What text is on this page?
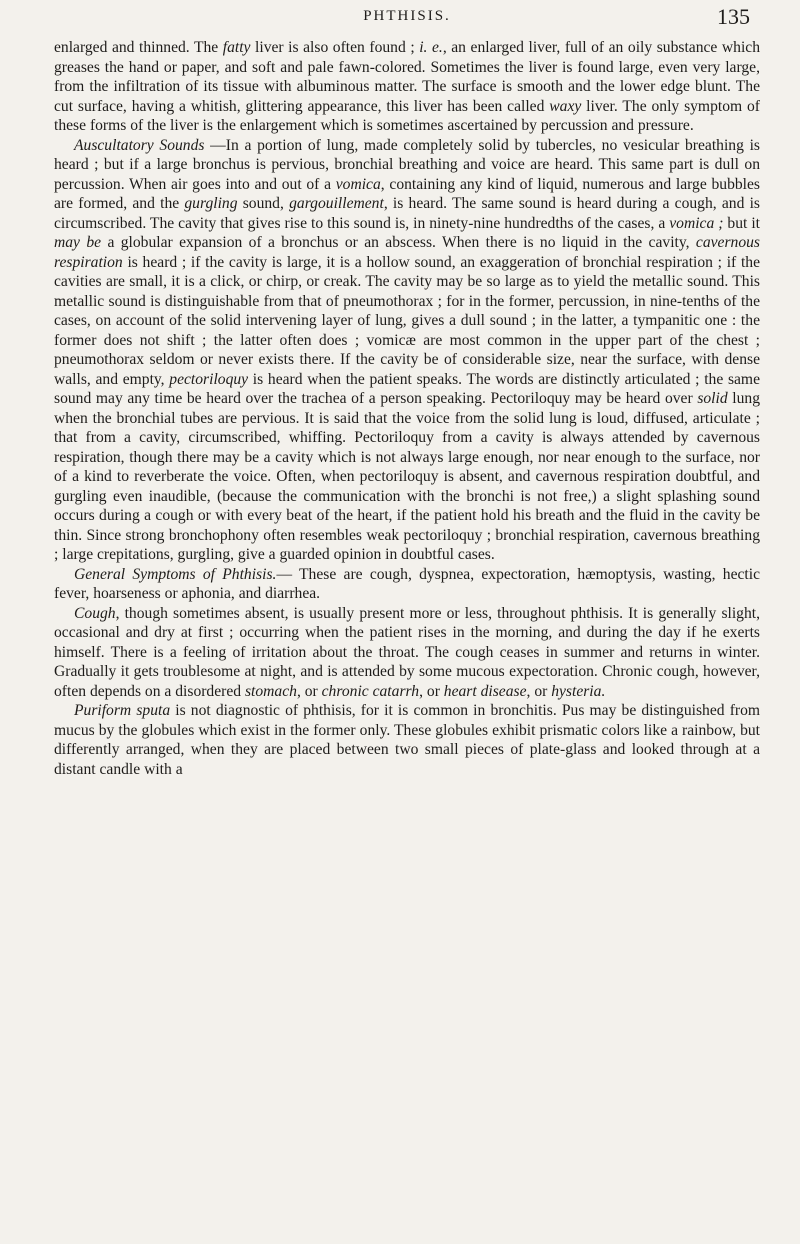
PHTHISIS.	135

enlarged and thinned. The fatty liver is also often found ; i. e., an enlarged liver, full of an oily substance which greases the hand or paper, and soft and pale fawn-colored. Sometimes the liver is found large, even very large, from the infiltration of its tissue with albuminous matter. The surface is smooth and the lower edge blunt. The cut surface, having a whitish, glittering appearance, this liver has been called waxy liver. The only symptom of these forms of the liver is the enlargement which is sometimes ascertained by percussion and pressure.

Auscultatory Sounds —In a portion of lung, made completely solid by tubercles, no vesicular breathing is heard ; but if a large bronchus is pervious, bronchial breathing and voice are heard. This same part is dull on percussion. When air goes into and out of a vomica, containing any kind of liquid, numerous and large bubbles are formed, and the gurgling sound, gargouillement, is heard. The same sound is heard during a cough, and is circumscribed. The cavity that gives rise to this sound is, in ninety-nine hundredths of the cases, a vomica ; but it may be a globular expansion of a bronchus or an abscess. When there is no liquid in the cavity, cavernous respiration is heard ; if the cavity is large, it is a hollow sound, an exaggeration of bronchial respiration ; if the cavities are small, it is a click, or chirp, or creak. The cavity may be so large as to yield the metallic sound. This metallic sound is distinguishable from that of pneumothorax ; for in the former, percussion, in nine-tenths of the cases, on account of the solid intervening layer of lung, gives a dull sound ; in the latter, a tympanitic one : the former does not shift ; the latter often does ; vomicæ are most common in the upper part of the chest ; pneumothorax seldom or never exists there. If the cavity be of considerable size, near the surface, with dense walls, and empty, pectoriloquy is heard when the patient speaks. The words are distinctly articulated ; the same sound may any time be heard over the trachea of a person speaking. Pectoriloquy may be heard over solid lung when the bronchial tubes are pervious. It is said that the voice from the solid lung is loud, diffused, articulate ; that from a cavity, circumscribed, whiffing. Pectoriloquy from a cavity is always attended by cavernous respiration, though there may be a cavity which is not always large enough, nor near enough to the surface, nor of a kind to reverberate the voice. Often, when pectoriloquy is absent, and cavernous respiration doubtful, and gurgling even inaudible, (because the communication with the bronchi is not free,) a slight splashing sound occurs during a cough or with every beat of the heart, if the patient hold his breath and the fluid in the cavity be thin. Since strong bronchophony often resembles weak pectoriloquy ; bronchial respiration, cavernous breathing ; large crepitations, gurgling, give a guarded opinion in doubtful cases.

General Symptoms of Phthisis.— These are cough, dyspnea, expectoration, hæmoptysis, wasting, hectic fever, hoarseness or aphonia, and diarrhea.

Cough, though sometimes absent, is usually present more or less, throughout phthisis. It is generally slight, occasional and dry at first ; occurring when the patient rises in the morning, and during the day if he exerts himself. There is a feeling of irritation about the throat. The cough ceases in summer and returns in winter. Gradually it gets troublesome at night, and is attended by some mucous expectoration. Chronic cough, however, often depends on a disordered stomach, or chronic catarrh, or heart disease, or hysteria.

Puriform sputa is not diagnostic of phthisis, for it is common in bronchitis. Pus may be distinguished from mucus by the globules which exist in the former only. These globules exhibit prismatic colors like a rainbow, but differently arranged, when they are placed between two small pieces of plate-glass and looked through at a distant candle with a
